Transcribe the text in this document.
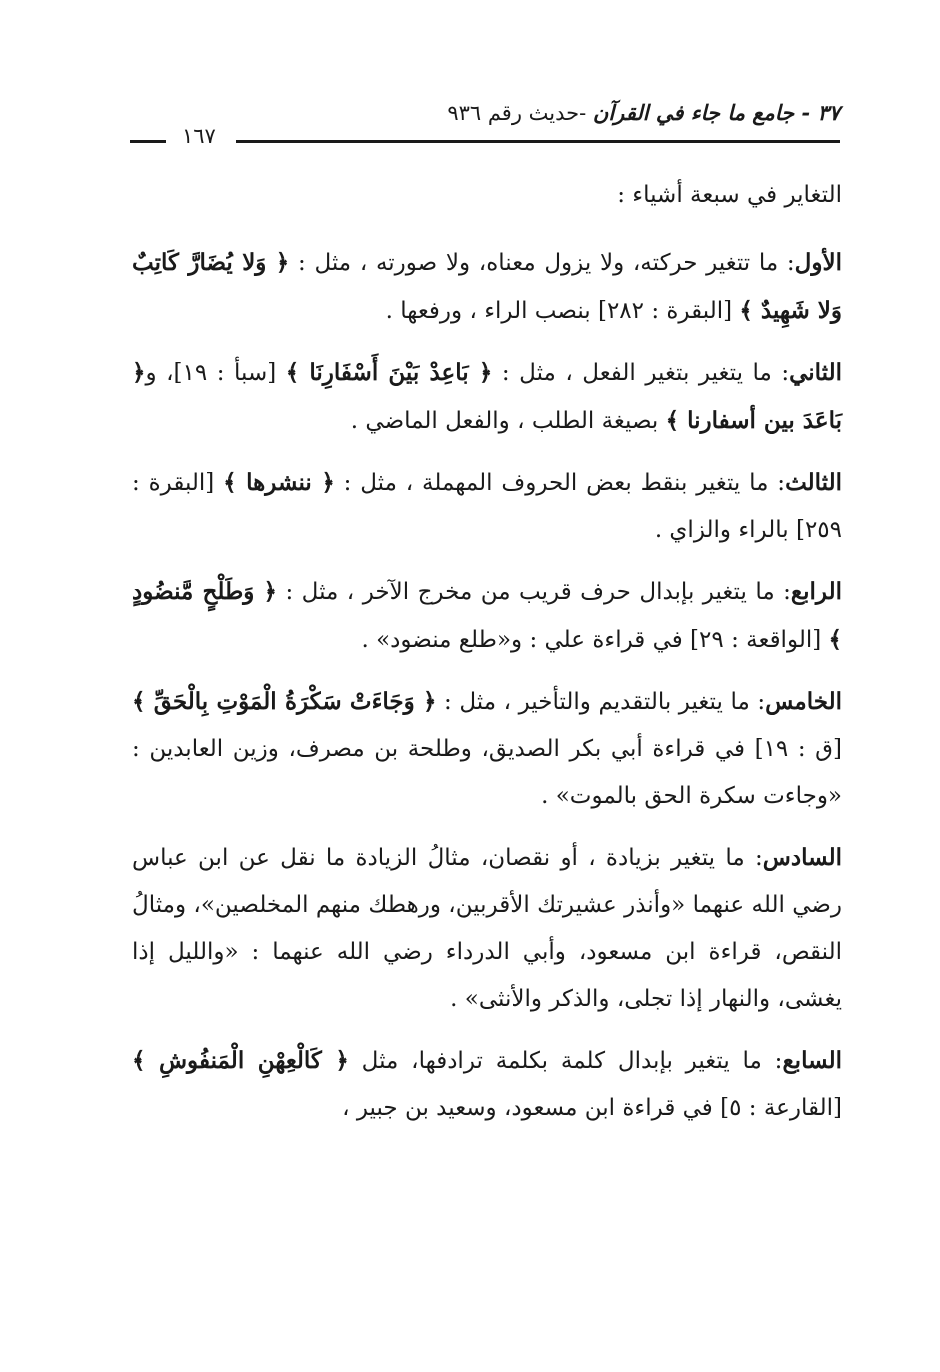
٣٧ - جامع ما جاء في القرآن -حديث رقم ٩٣٦
١٦٧

التغاير في سبعة أشياء :

الأول: ما تتغير حركته، ولا يزول معناه، ولا صورته ، مثل : ﴿ وَلا يُضَارَّ كَاتِبٌ وَلا شَهِيدٌ ﴾ [البقرة : ٢٨٢] بنصب الراء ، ورفعها .

الثاني: ما يتغير بتغير الفعل ، مثل : ﴿ بَاعِدْ بَيْنَ أَسْفَارِنَا ﴾ [سبأ : ١٩]، و﴿ بَاعَدَ بين أسفارنا ﴾ بصيغة الطلب ، والفعل الماضي .

الثالث: ما يتغير بنقط بعض الحروف المهملة ، مثل : ﴿ ننشرها ﴾ [البقرة : ٢٥٩] بالراء والزاي .

الرابع: ما يتغير بإبدال حرف قريب من مخرج الآخر ، مثل : ﴿ وَطَلْحٍ مَّنضُودٍ ﴾ [الواقعة : ٢٩] في قراءة علي : و«طلع منضود» .

الخامس: ما يتغير بالتقديم والتأخير ، مثل : ﴿ وَجَاءَتْ سَكْرَةُ الْمَوْتِ بِالْحَقِّ ﴾ [ق : ١٩] في قراءة أبي بكر الصديق، وطلحة بن مصرف، وزين العابدين : «وجاءت سكرة الحق بالموت» .

السادس: ما يتغير بزيادة ، أو نقصان، مثالُ الزيادة ما نقل عن ابن عباس رضي الله عنهما «وأنذر عشيرتك الأقربين، ورهطك منهم المخلصين»، ومثالُ النقص، قراءة ابن مسعود، وأبي الدرداء رضي الله عنهما : «والليل إذا يغشى، والنهار إذا تجلى، والذكر والأنثى» .

السابع: ما يتغير بإبدال كلمة بكلمة ترادفها، مثل ﴿ كَالْعِهْنِ الْمَنفُوشِ ﴾ [القارعة : ٥] في قراءة ابن مسعود، وسعيد بن جبير ،
